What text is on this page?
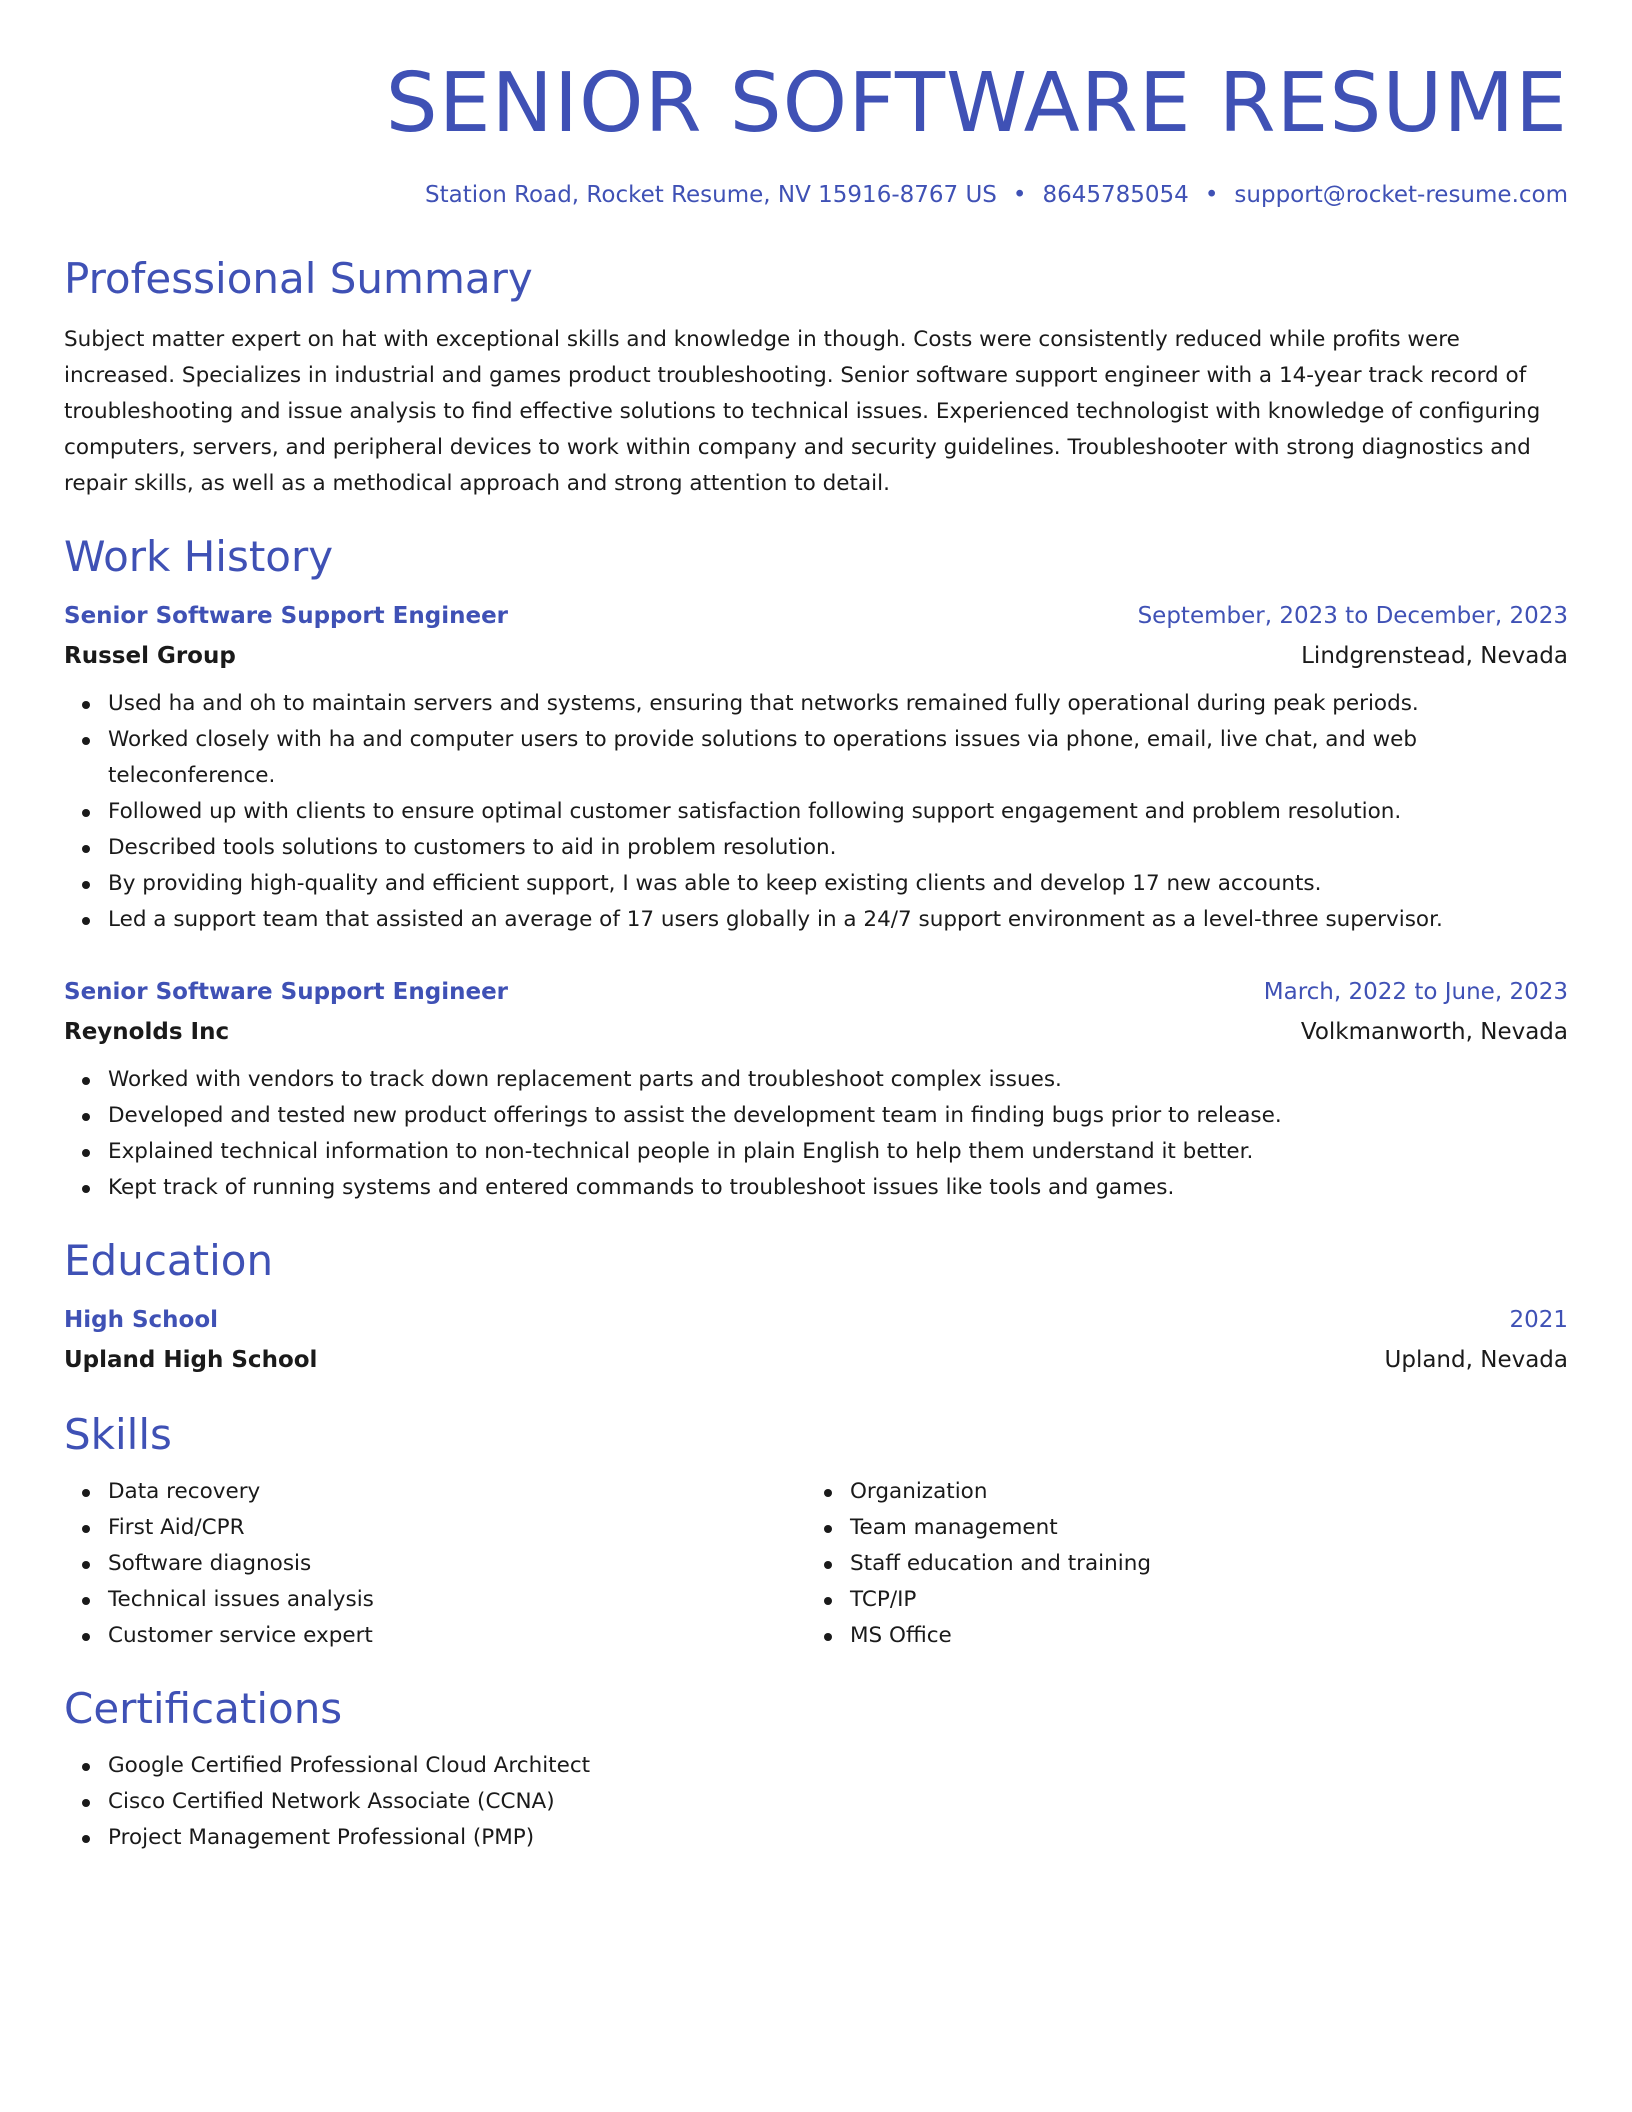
SENIOR SOFTWARE RESUME
Station Road, Rocket Resume, NV 15916-8767 US • 8645785054 • support@rocket-resume.com
Professional Summary

Subject matter expert on hat with exceptional skills and knowledge in though. Costs were consistently reduced while profits were increased. Specializes in industrial and games product troubleshooting. Senior software support engineer with a 14-year track record of troubleshooting and issue analysis to find effective solutions to technical issues. Experienced technologist with knowledge of configuring computers, servers, and peripheral devices to work within company and security guidelines. Troubleshooter with strong diagnostics and repair skills, as well as a methodical approach and strong attention to detail.

Work History
Senior Software Support Engineer	September, 2023 to December, 2023
Russel Group	Lindgrenstead, Nevada
Used ha and oh to maintain servers and systems, ensuring that networks remained fully operational during peak periods.
Worked closely with ha and computer users to provide solutions to operations issues via phone, email, live chat, and web teleconference.
Followed up with clients to ensure optimal customer satisfaction following support engagement and problem resolution.
Described tools solutions to customers to aid in problem resolution.
By providing high-quality and efficient support, I was able to keep existing clients and develop 17 new accounts.
Led a support team that assisted an average of 17 users globally in a 24/7 support environment as a level-three supervisor.
Senior Software Support Engineer	March, 2022 to June, 2023
Reynolds Inc	Volkmanworth, Nevada
Worked with vendors to track down replacement parts and troubleshoot complex issues.
Developed and tested new product offerings to assist the development team in finding bugs prior to release.
Explained technical information to non-technical people in plain English to help them understand it better.
Kept track of running systems and entered commands to troubleshoot issues like tools and games.
Education
High School	2021
Upland High School	Upland, Nevada
Skills
Data recovery
First Aid/CPR
Software diagnosis
Technical issues analysis
Customer service expert
Organization
Team management
Staff education and training
TCP/IP
MS Office
Certifications
Google Certified Professional Cloud Architect
Cisco Certified Network Associate (CCNA)
Project Management Professional (PMP)
